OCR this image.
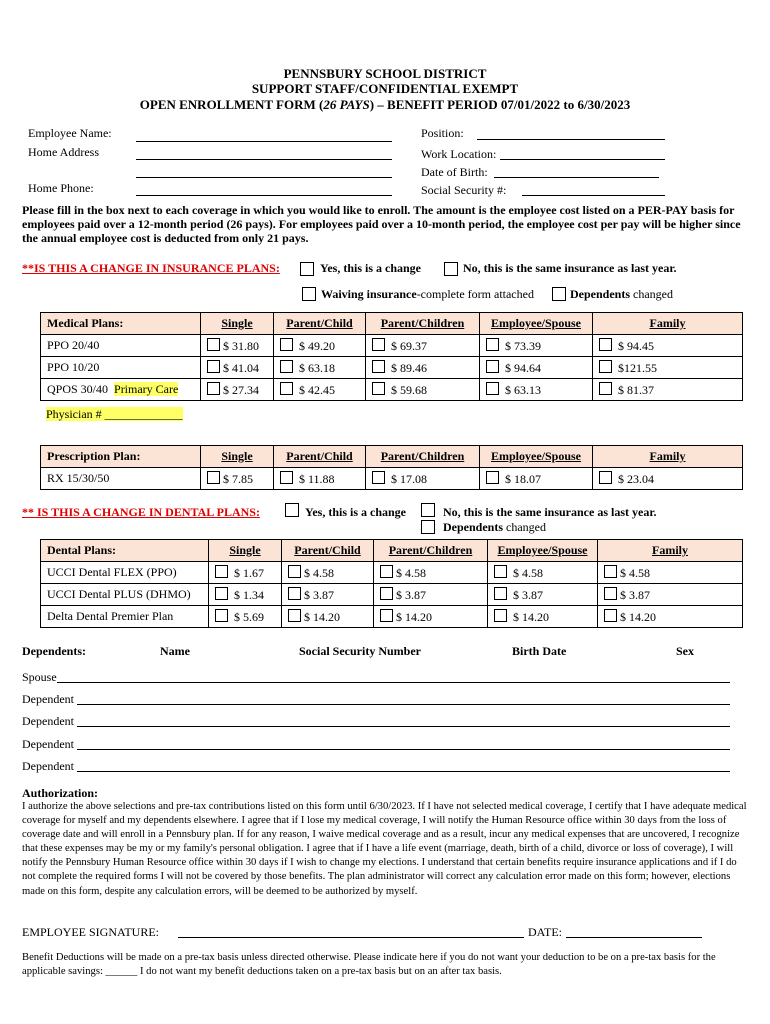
PENNSBURY SCHOOL DISTRICT
SUPPORT STAFF/CONFIDENTIAL EXEMPT
OPEN ENROLLMENT FORM (26 PAYS) – BENEFIT PERIOD 07/01/2022 to 6/30/2023
Employee Name:
Home Address
Home Phone:
Position:
Work Location:
Date of Birth:
Social Security #:
Please fill in the box next to each coverage in which you would like to enroll. The amount is the employee cost listed on a PER-PAY basis for employees paid over a 12-month period (26 pays). For employees paid over a 10-month period, the employee cost per pay will be higher since the annual employee cost is deducted from only 21 pays.
**IS THIS A CHANGE IN INSURANCE PLANS:	Yes, this is a change	No, this is the same insurance as last year.
Waiving insurance-complete form attached	Dependents changed
Medical Plans:	Single	Parent/Child	Parent/Children	Employee/Spouse	Family
PPO 20/40	$ 31.80	$ 49.20	$ 69.37	$ 73.39	$ 94.45
PPO 10/20	$ 41.04	$ 63.18	$ 89.46	$ 94.64	$121.55
QPOS 30/40 Primary Care	$ 27.34	$ 42.45	$ 59.68	$ 63.13	$ 81.37
Physician # _____________
Prescription Plan:	Single	Parent/Child	Parent/Children	Employee/Spouse	Family
RX 15/30/50	$ 7.85	$ 11.88	$ 17.08	$ 18.07	$ 23.04
** IS THIS A CHANGE IN DENTAL PLANS:	Yes, this is a change	No, this is the same insurance as last year.
Dependents changed
Dental Plans:	Single	Parent/Child	Parent/Children	Employee/Spouse	Family
UCCI Dental FLEX (PPO)	$ 1.67	$ 4.58	$ 4.58	$ 4.58	$ 4.58
UCCI Dental PLUS (DHMO)	$ 1.34	$ 3.87	$ 3.87	$ 3.87	$ 3.87
Delta Dental Premier Plan	$ 5.69	$ 14.20	$ 14.20	$ 14.20	$ 14.20
Dependents:	Name	Social Security Number	Birth Date	Sex
Spouse
Dependent
Dependent
Dependent
Dependent
Authorization:
I authorize the above selections and pre-tax contributions listed on this form until 6/30/2023. If I have not selected medical coverage, I certify that I have adequate medical coverage for myself and my dependents elsewhere. I agree that if I lose my medical coverage, I will notify the Human Resource office within 30 days from the loss of coverage date and will enroll in a Pennsbury plan. If for any reason, I waive medical coverage and as a result, incur any medical expenses that are uncovered, I recognize that these expenses may be my or my family's personal obligation. I agree that if I have a life event (marriage, death, birth of a child, divorce or loss of coverage), I will notify the Pennsbury Human Resource office within 30 days if I wish to change my elections. I understand that certain benefits require insurance applications and if I do not complete the required forms I will not be covered by those benefits. The plan administrator will correct any calculation error made on this form; however, elections made on this form, despite any calculation errors, will be deemed to be authorized by myself.
EMPLOYEE SIGNATURE:	DATE:
Benefit Deductions will be made on a pre-tax basis unless directed otherwise. Please indicate here if you do not want your deduction to be on a pre-tax basis for the applicable savings: ______ I do not want my benefit deductions taken on a pre-tax basis but on an after tax basis.
